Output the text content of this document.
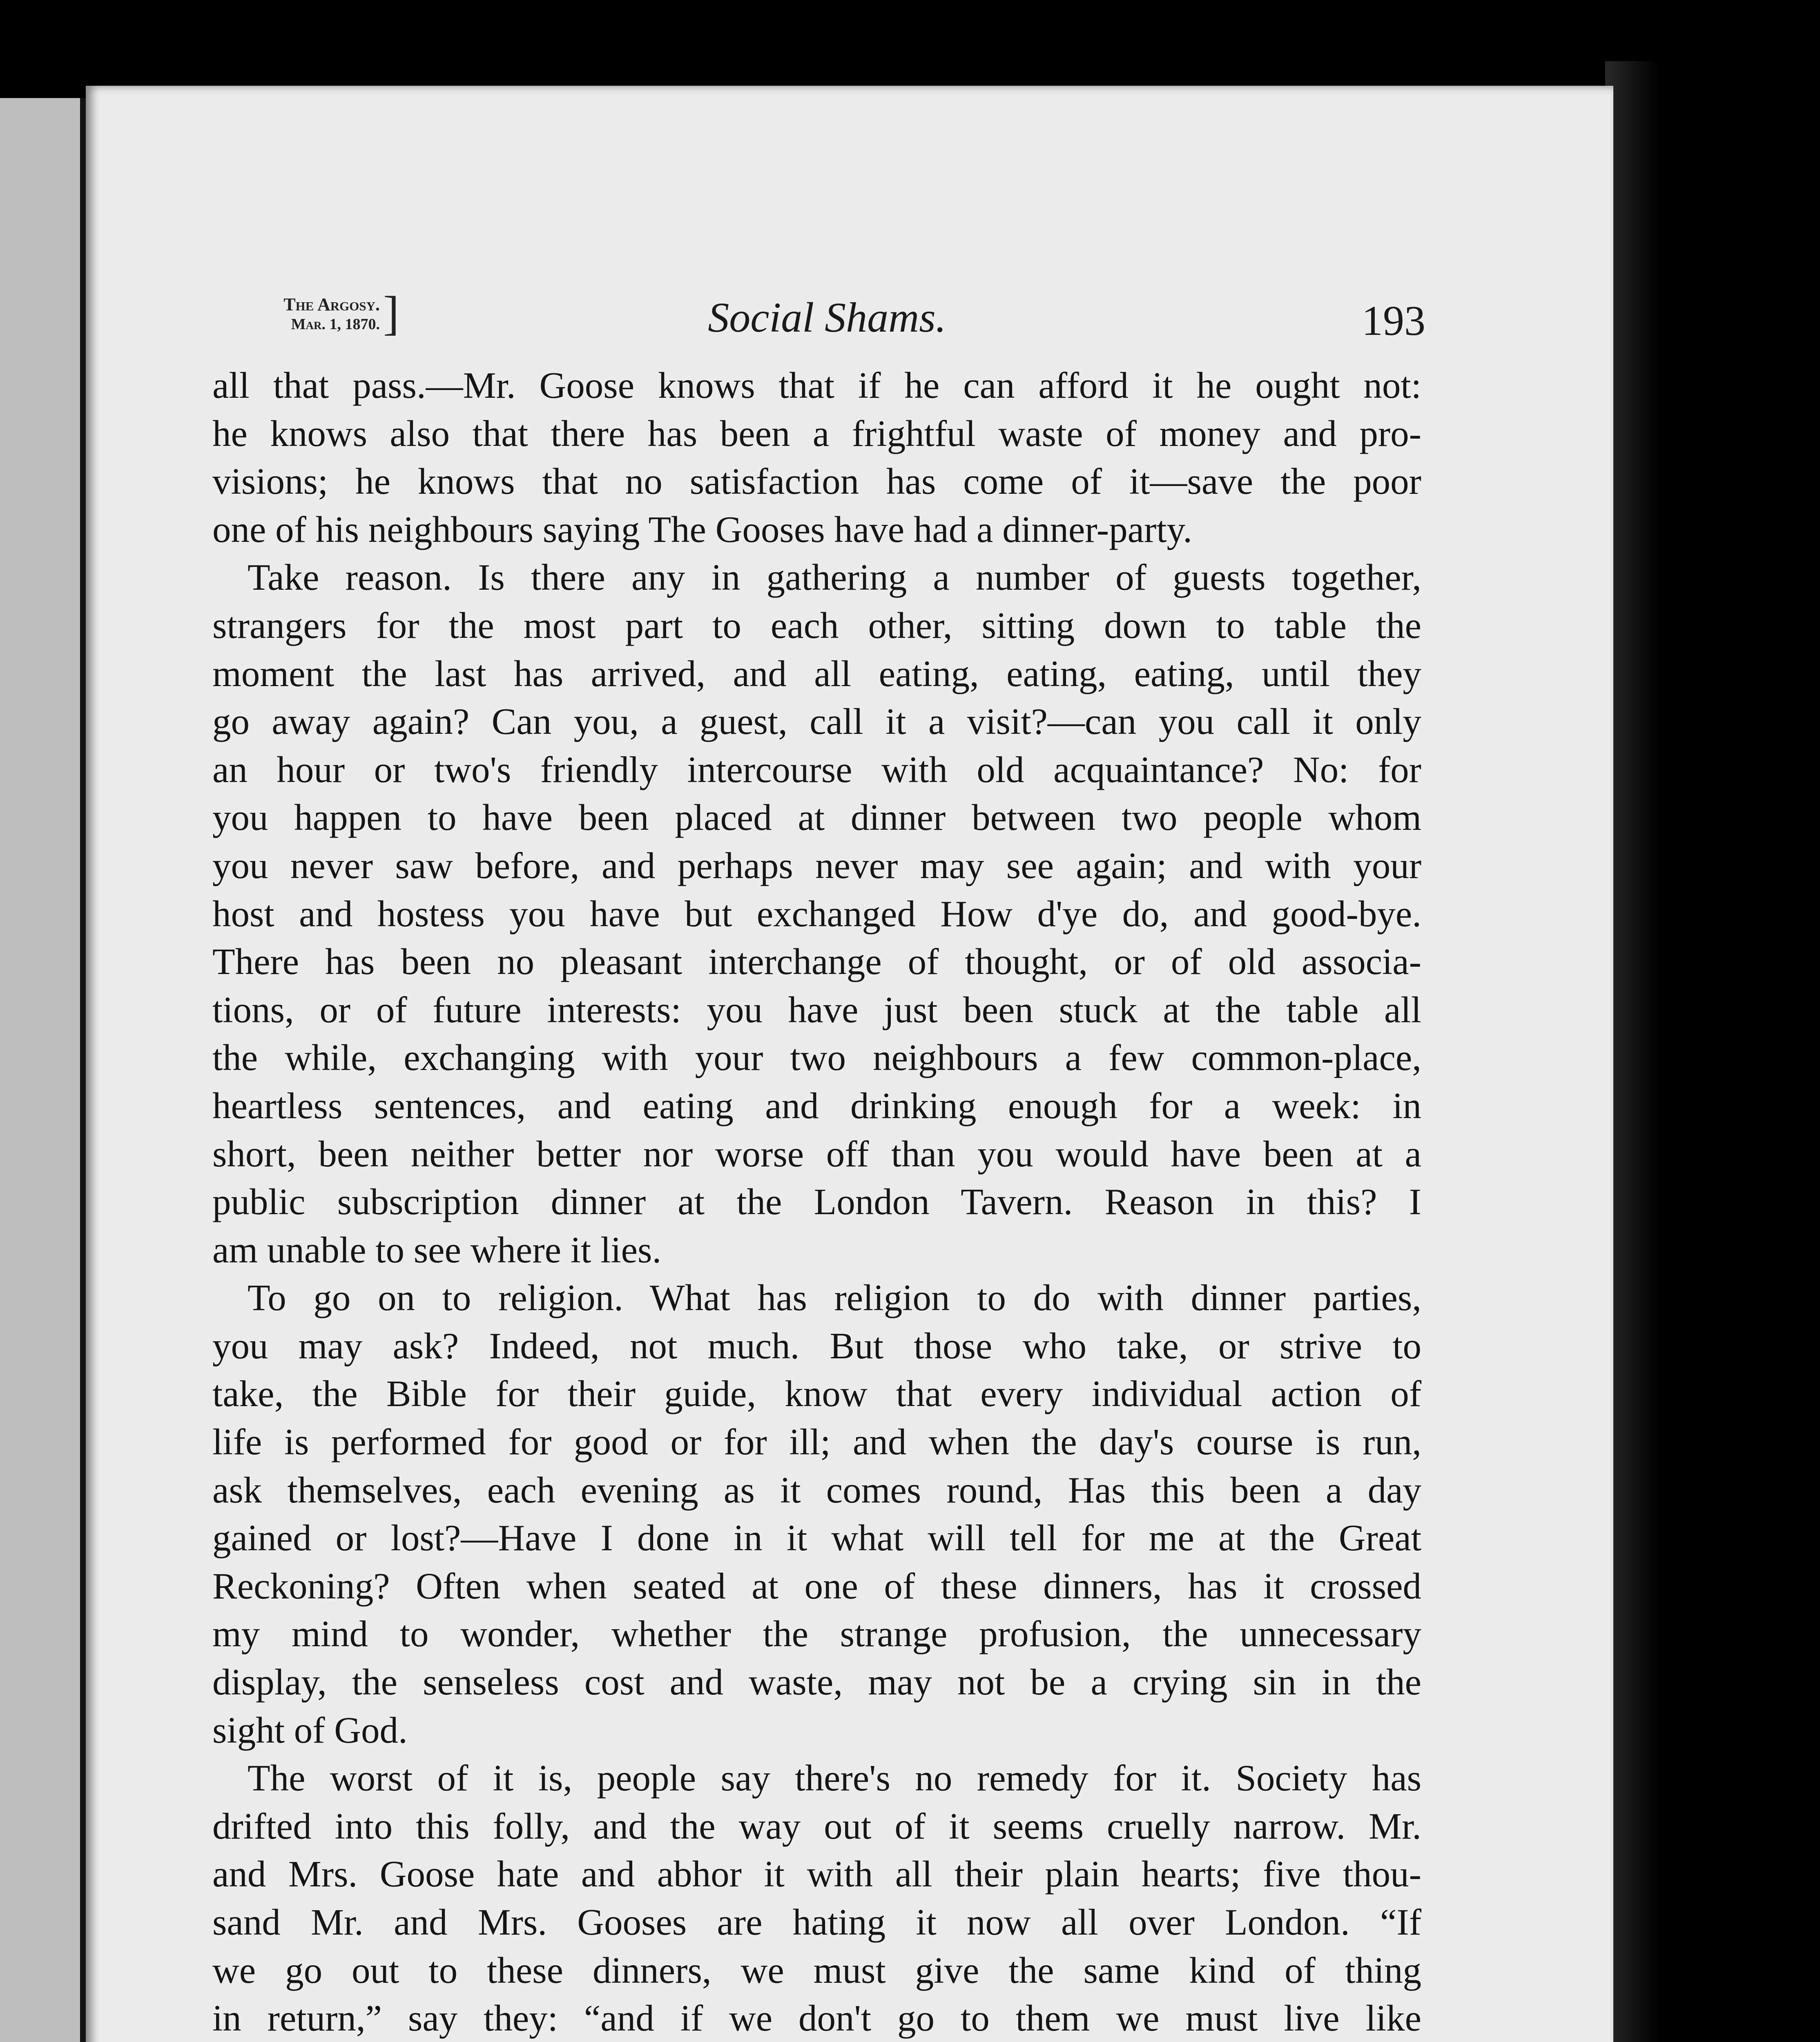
The Argosy.
Mar. 1, 1870. ]	Social Shams.	193
all that pass.—Mr. Goose knows that if he can afford it he ought not:
he knows also that there has been a frightful waste of money and pro-
visions; he knows that no satisfaction has come of it—save the poor
one of his neighbours saying The Gooses have had a dinner-party.
Take reason. Is there any in gathering a number of guests together,
strangers for the most part to each other, sitting down to table the
moment the last has arrived, and all eating, eating, eating, until they
go away again? Can you, a guest, call it a visit?—can you call it only
an hour or two's friendly intercourse with old acquaintance? No: for
you happen to have been placed at dinner between two people whom
you never saw before, and perhaps never may see again; and with your
host and hostess you have but exchanged How d'ye do, and good-bye.
There has been no pleasant interchange of thought, or of old associa-
tions, or of future interests: you have just been stuck at the table all
the while, exchanging with your two neighbours a few common-place,
heartless sentences, and eating and drinking enough for a week: in
short, been neither better nor worse off than you would have been at a
public subscription dinner at the London Tavern. Reason in this? I
am unable to see where it lies.
To go on to religion. What has religion to do with dinner parties,
you may ask? Indeed, not much. But those who take, or strive to
take, the Bible for their guide, know that every individual action of
life is performed for good or for ill; and when the day's course is run,
ask themselves, each evening as it comes round, Has this been a day
gained or lost?—Have I done in it what will tell for me at the Great
Reckoning? Often when seated at one of these dinners, has it crossed
my mind to wonder, whether the strange profusion, the unnecessary
display, the senseless cost and waste, may not be a crying sin in the
sight of God.
The worst of it is, people say there's no remedy for it. Society has
drifted into this folly, and the way out of it seems cruelly narrow. Mr.
and Mrs. Goose hate and abhor it with all their plain hearts; five thou-
sand Mr. and Mrs. Gooses are hating it now all over London. “If
we go out to these dinners, we must give the same kind of thing
in return,” say they: “and if we don't go to them we must live like
